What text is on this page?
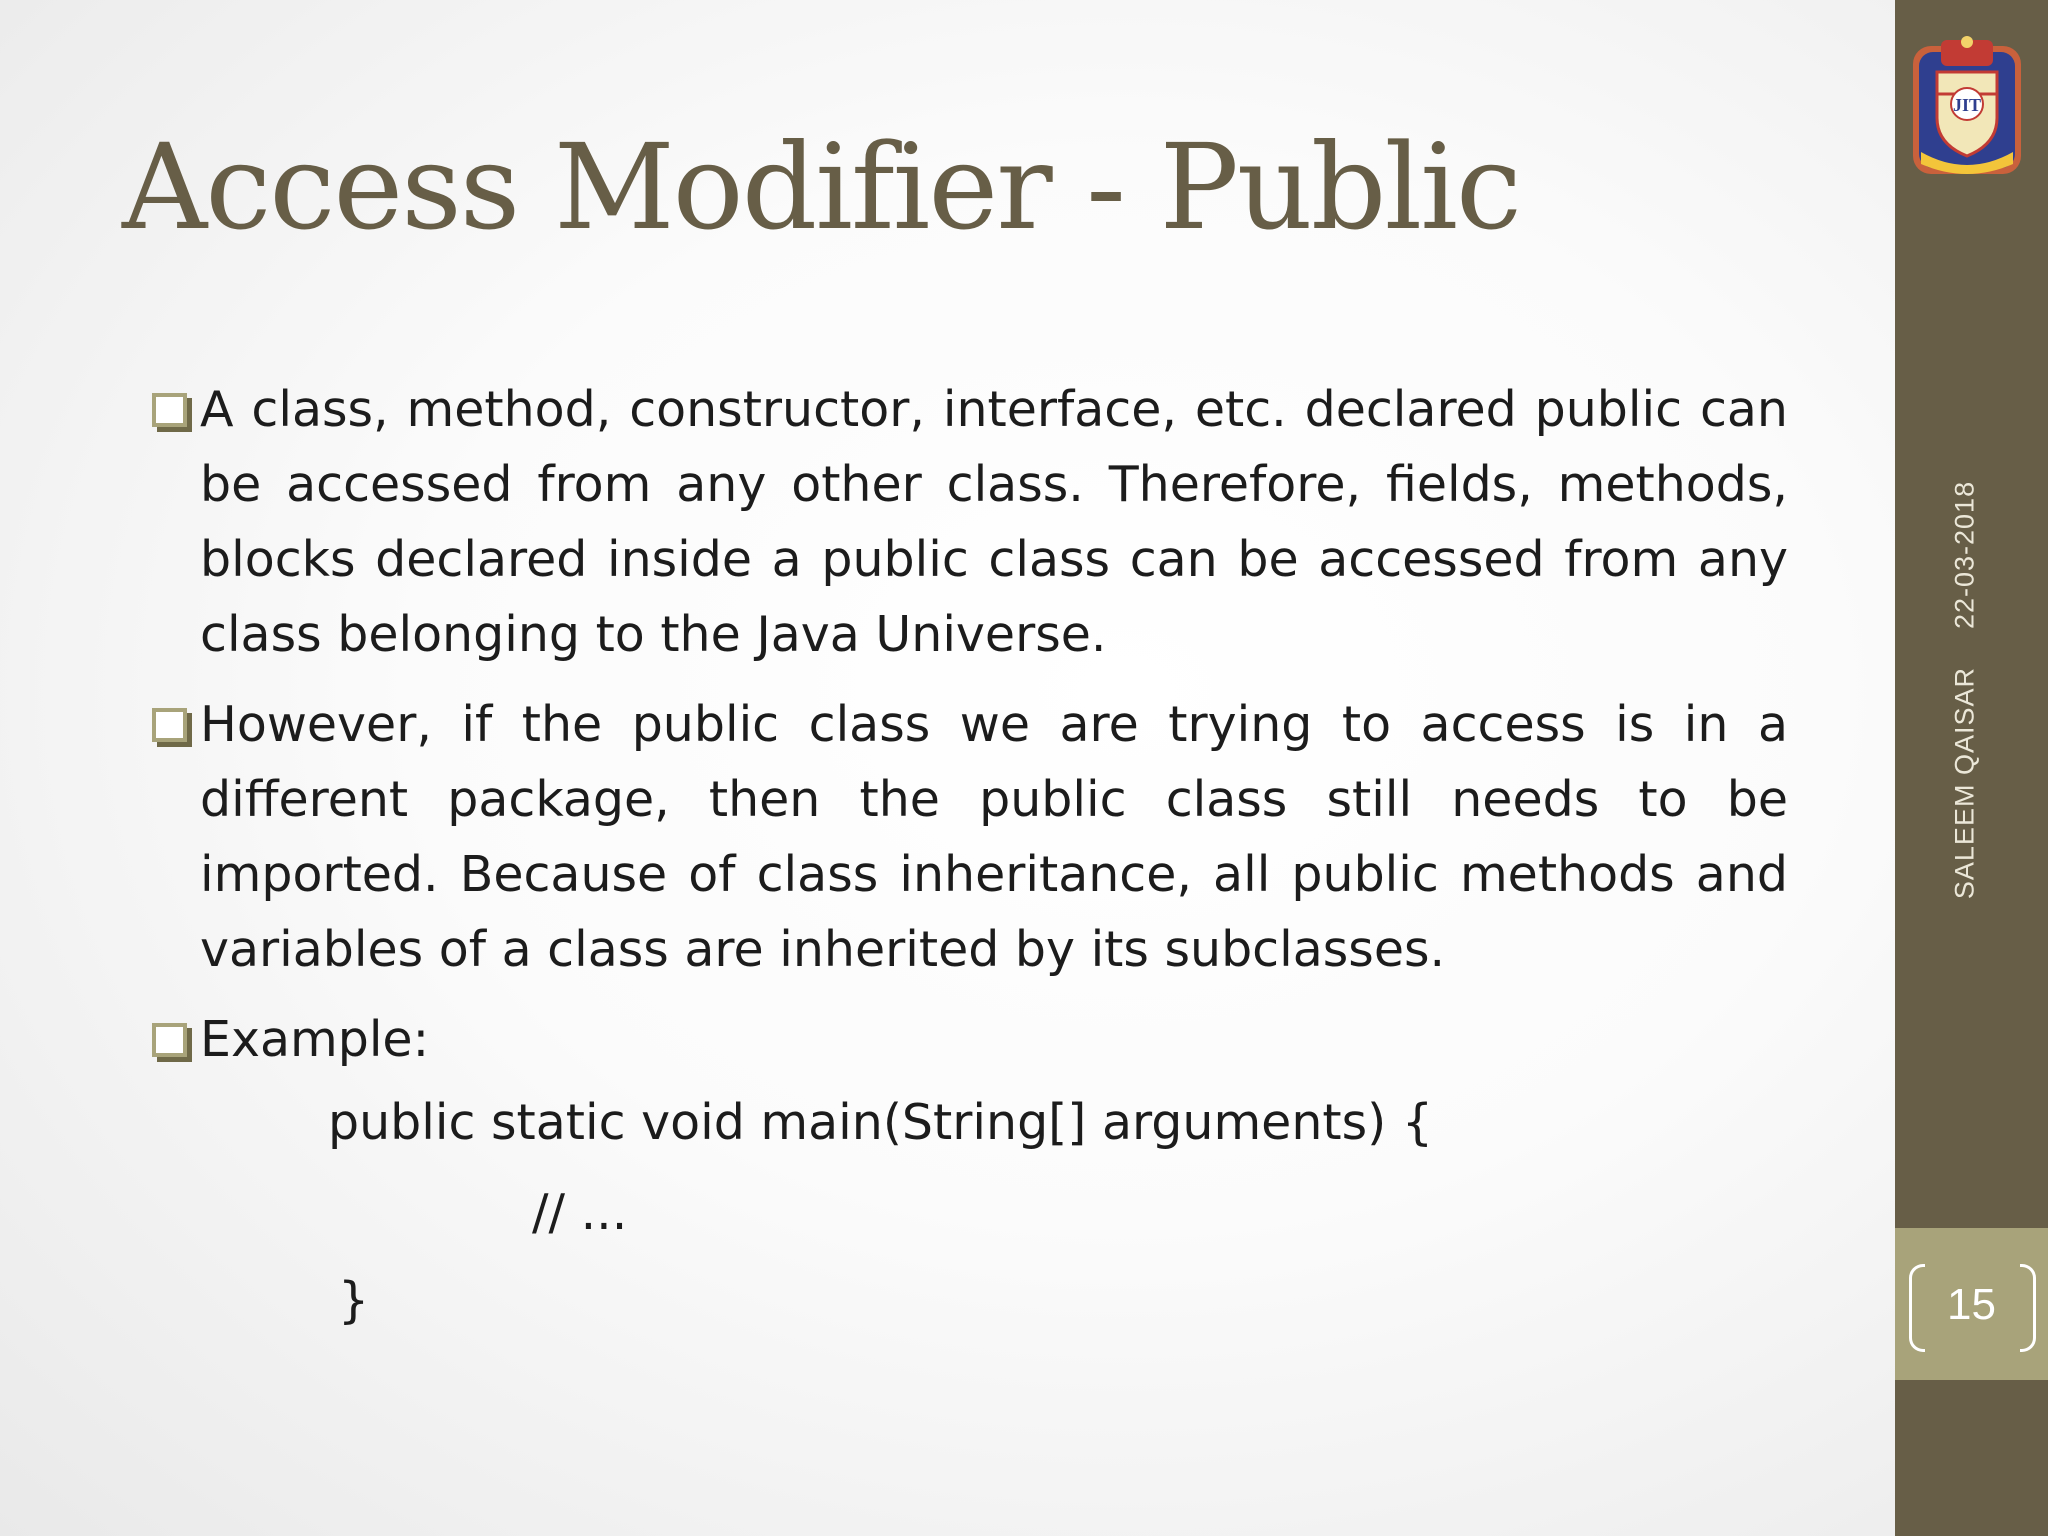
Access Modifier - Public

A class, method, constructor, interface, etc. declared public can be accessed from any other class. Therefore, fields, methods, blocks declared inside a public class can be accessed from any class belonging to the Java Universe.

However, if the public class we are trying to access is in a different package, then the public class still needs to be imported. Because of class inheritance, all public methods and variables of a class are inherited by its subclasses.

Example:

public static void main(String[] arguments) {
// ...
}
JIT
SALEEM QAISAR22-03-2018
15
